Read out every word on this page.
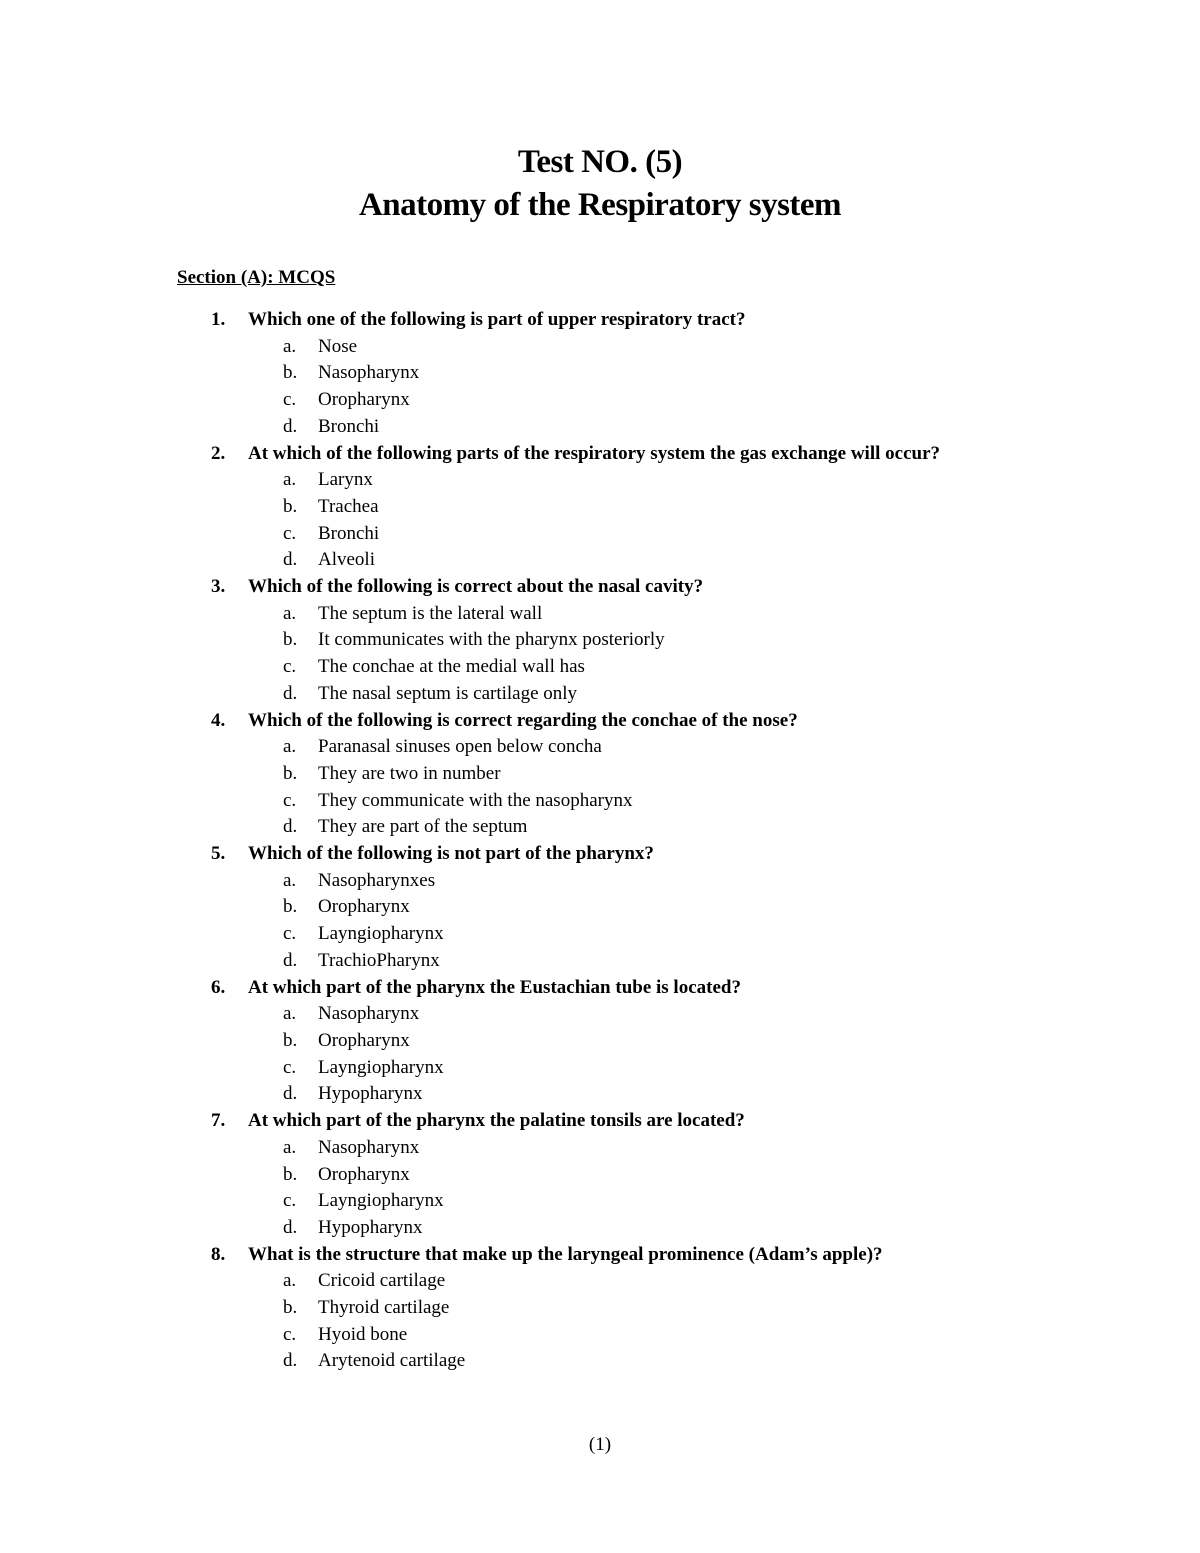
Test NO. (5)
Anatomy of the Respiratory system
Section (A): MCQS
1. Which one of the following is part of upper respiratory tract?
a. Nose
b. Nasopharynx
c. Oropharynx
d. Bronchi
2. At which of the following parts of the respiratory system the gas exchange will occur?
a. Larynx
b. Trachea
c. Bronchi
d. Alveoli
3. Which of the following is correct about the nasal cavity?
a. The septum is the lateral wall
b. It communicates with the pharynx posteriorly
c. The conchae at the medial wall has
d. The nasal septum is cartilage only
4. Which of the following is correct regarding the conchae of the nose?
a. Paranasal sinuses open below concha
b. They are two in number
c. They communicate with the nasopharynx
d. They are part of the septum
5. Which of the following is not part of the pharynx?
a. Nasopharynxes
b. Oropharynx
c. Layngiopharynx
d. TrachioPharynx
6. At which part of the pharynx the Eustachian tube is located?
a. Nasopharynx
b. Oropharynx
c. Layngiopharynx
d. Hypopharynx
7. At which part of the pharynx the palatine tonsils are located?
a. Nasopharynx
b. Oropharynx
c. Layngiopharynx
d. Hypopharynx
8. What is the structure that make up the laryngeal prominence (Adam’s apple)?
a. Cricoid cartilage
b. Thyroid cartilage
c. Hyoid bone
d. Arytenoid cartilage
(1)
